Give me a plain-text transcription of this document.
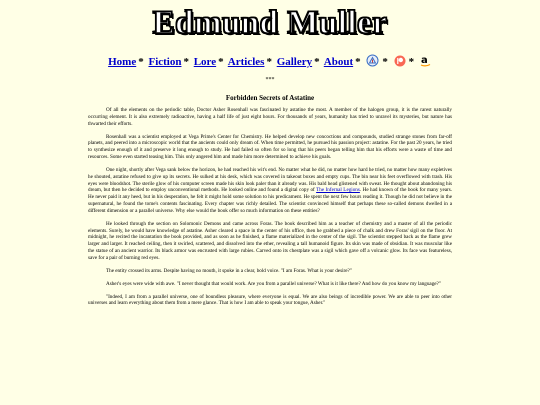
Edmund Muller
Home * Fiction * Lore * Articles * Gallery * About * * * a
***
Forbidden Secrets of Astatine

Of all the elements on the periodic table, Doctor Asher Rosenhall was fascinated by astatine the most. A member of the halogen group, it is the rarest naturally occurring element. It is also extremely radioactive, having a half life of just eight hours. For thousands of years, humanity has tried to unravel its mysteries, but nature has thwarted their efforts.

Rosenhall was a scientist employed at Vega Prime's Center for Chemistry. He helped develop new concoctions and compounds, studied strange stones from far-off planets, and peered into a microscopic world that the ancients could only dream of. When time permitted, he pursued his passion project: astatine. For the past 20 years, he tried to synthesize enough of it and preserve it long enough to study. He had failed so often for so long that his peers began telling him that his efforts were a waste of time and resources. Some even started teasing him. This only angered him and made him more determined to achieve his goals.

One night, shortly after Vega sank below the horizon, he had reached his wit's end. No matter what he did, no matter how hard he tried, no matter how many expletives he shouted, astatine refused to give up its secrets. He sulked at his desk, which was covered in takeout boxes and empty cups. The bin near his feet overflowed with trash. His eyes were bloodshot. The sterile glow of his computer screen made his skin look paler than it already was. His bald head glistened with sweat. He thought about abandoning his dream, but then he decided to employ unconventional methods. He looked online and found a digital copy of The Infernal Legions. He had known of the book for many years. He never paid it any heed, but in his desperation, he felt it might hold some solution to his predicament. He spent the next few hours reading it. Though he did not believe in the supernatural, he found the tome's contents fascinating. Every chapter was richly detailed. The scientist convinced himself that perhaps these so-called demons dwelled in a different dimension or a parallel universe. Why else would the book offer so much information on these entities?

He looked through the section on Solomonic Demons and came across Foras. The book described him as a teacher of chemistry and a master of all the periodic elements. Surely, he would have knowledge of astatine. Asher cleared a space in the center of his office, then he grabbed a piece of chalk and drew Foras' sigil on the floor. At midnight, he recited the incantation the book provided, and as soon as he finished, a flame materialized in the center of the sigil. The scientist stepped back as the flame grew larger and larger. It reached ceiling, then it swirled, scattered, and dissolved into the ether, revealing a tall humanoid figure. Its skin was made of obsidian. It was muscular like the statue of an ancient warrior. Its black armor was encrusted with large rubies. Carved onto its chestplate was a sigil which gave off a volcanic glow. Its face was featureless, save for a pair of burning red eyes.

The entity crossed its arms. Despite having no mouth, it spoke in a clear, bold voice. "I am Foras. What is your desire?"

Asher's eyes were wide with awe. "I never thought that would work. Are you from a parallel universe? What is it like there? And how do you know my language?"

"Indeed, I am from a parallel universe, one of boundless pleasure, where everyone is equal. We are also beings of incredible power. We are able to peer into other universes and learn everything about them from a mere glance. That is how I am able to speak your tongue, Asher."
